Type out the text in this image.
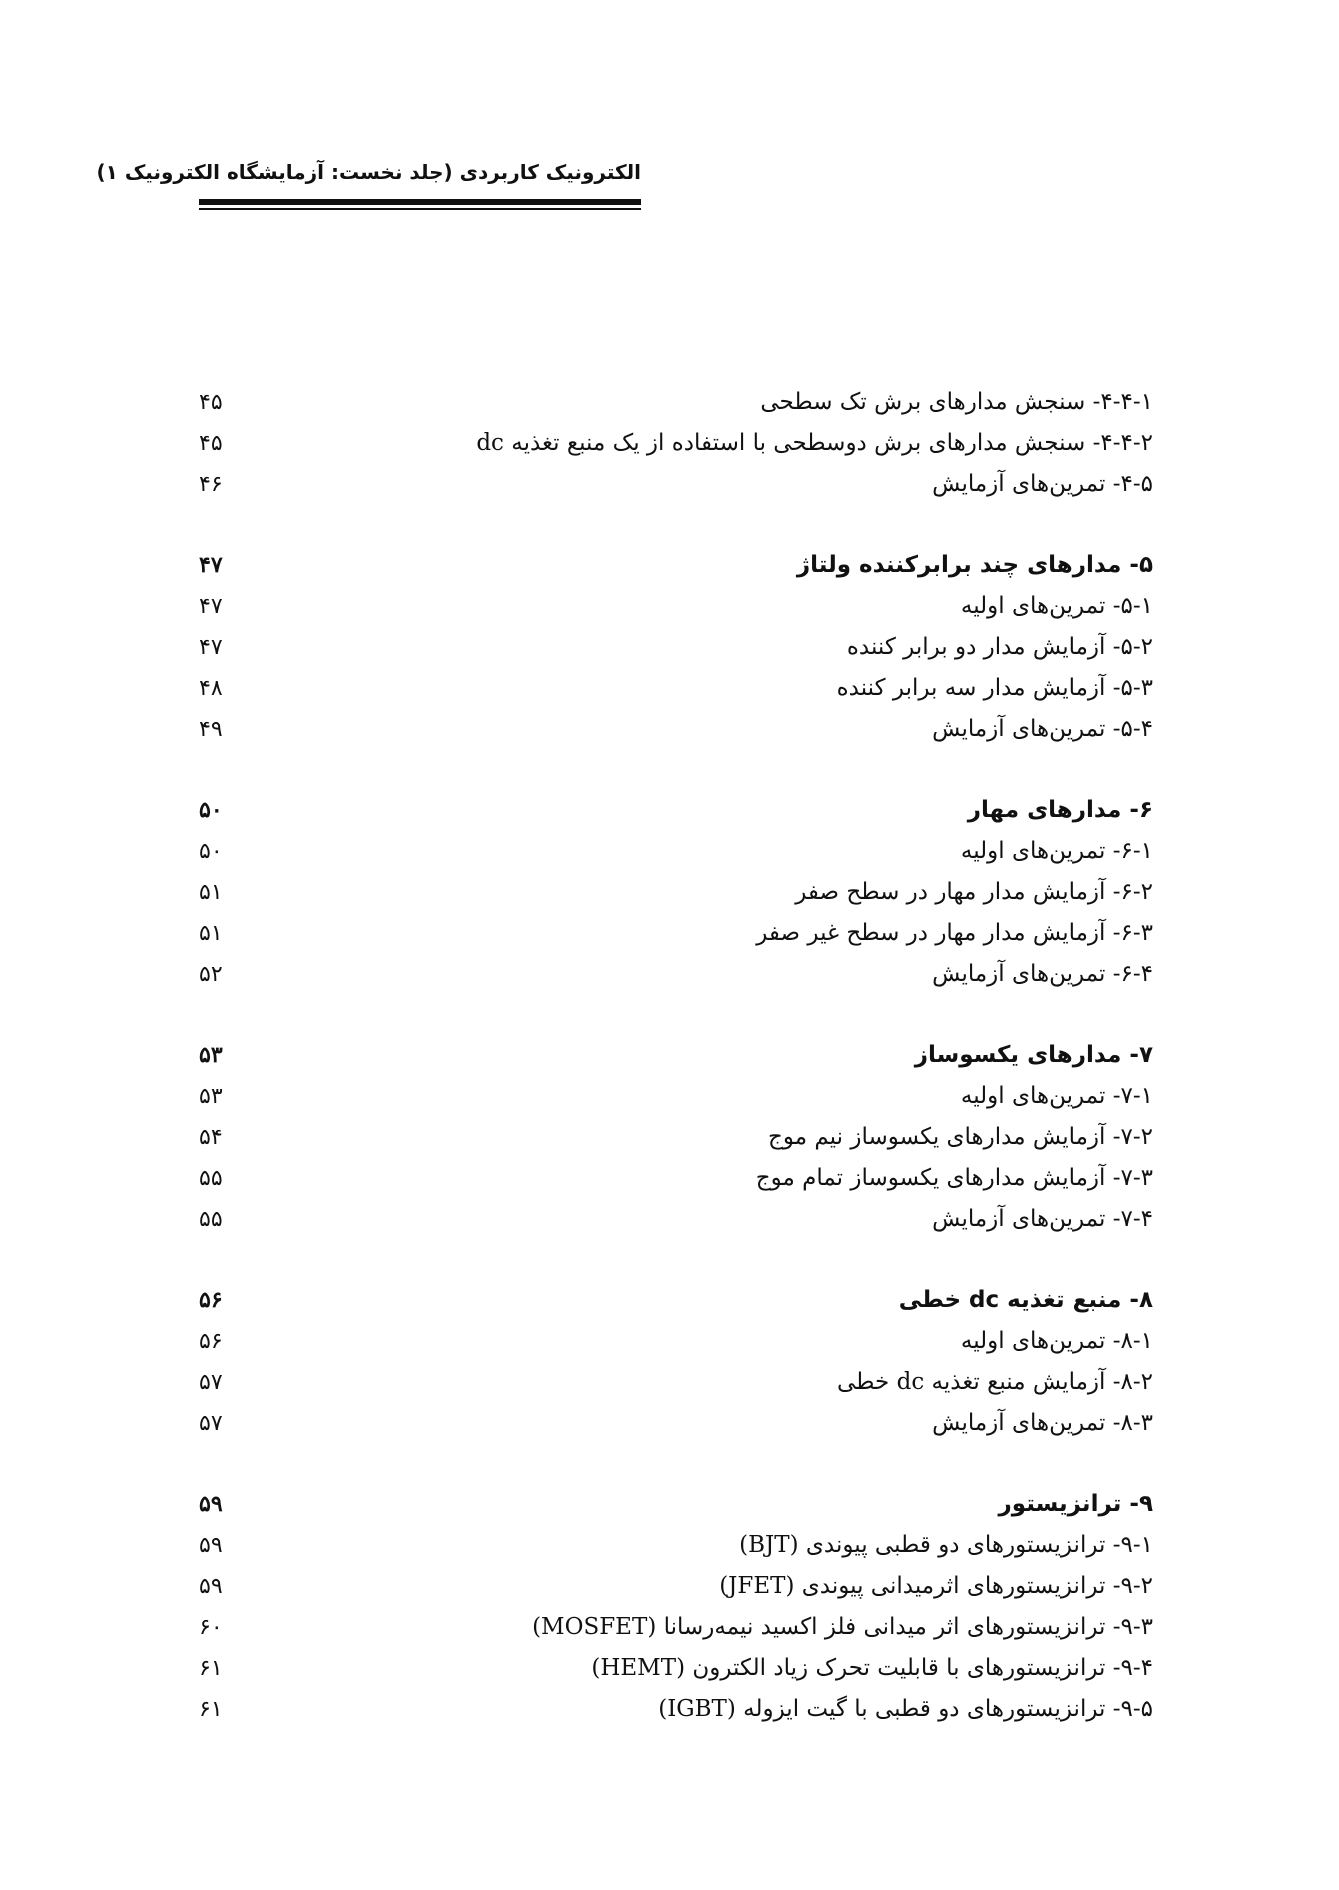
الکترونیک کاربردی (جلد نخست: آزمایشگاه الکترونیک ۱)
۴-۴-۱- سنجش مدارهای برش تک سطحی
۴۵
۴-۴-۲- سنجش مدارهای برش دوسطحی با استفاده از یک منبع تغذیه dc
۴۵
۴-۵- تمرین‌های آزمایش
۴۶
۵- مدارهای چند برابرکننده ولتاژ
۴۷
۵-۱- تمرین‌های اولیه
۴۷
۵-۲- آزمایش مدار دو برابر کننده
۴۷
۵-۳- آزمایش مدار سه برابر کننده
۴۸
۵-۴- تمرین‌های آزمایش
۴۹
۶- مدارهای مهار
۵۰
۶-۱- تمرین‌های اولیه
۵۰
۶-۲- آزمایش مدار مهار در سطح صفر
۵۱
۶-۳- آزمایش مدار مهار در سطح غیر صفر
۵۱
۶-۴- تمرین‌های آزمایش
۵۲
۷- مدارهای یکسوساز
۵۳
۷-۱- تمرین‌های اولیه
۵۳
۷-۲- آزمایش مدارهای یکسوساز نیم موج
۵۴
۷-۳- آزمایش مدارهای یکسوساز تمام موج
۵۵
۷-۴- تمرین‌های آزمایش
۵۵
۸- منبع تغذیه dc خطی
۵۶
۸-۱- تمرین‌های اولیه
۵۶
۸-۲- آزمایش منبع تغذیه dc خطی
۵۷
۸-۳- تمرین‌های آزمایش
۵۷
۹- ترانزیستور
۵۹
۹-۱- ترانزیستورهای دو قطبی پیوندی (BJT)
۵۹
۹-۲- ترانزیستورهای اثرمیدانی پیوندی (JFET)
۵۹
۹-۳- ترانزیستورهای اثر میدانی فلز اکسید نیمه‌رسانا (MOSFET)
۶۰
۹-۴- ترانزیستورهای با قابلیت تحرک زیاد الکترون (HEMT)
۶۱
۹-۵- ترانزیستورهای دو قطبی با گیت ایزوله (IGBT)
۶۱
